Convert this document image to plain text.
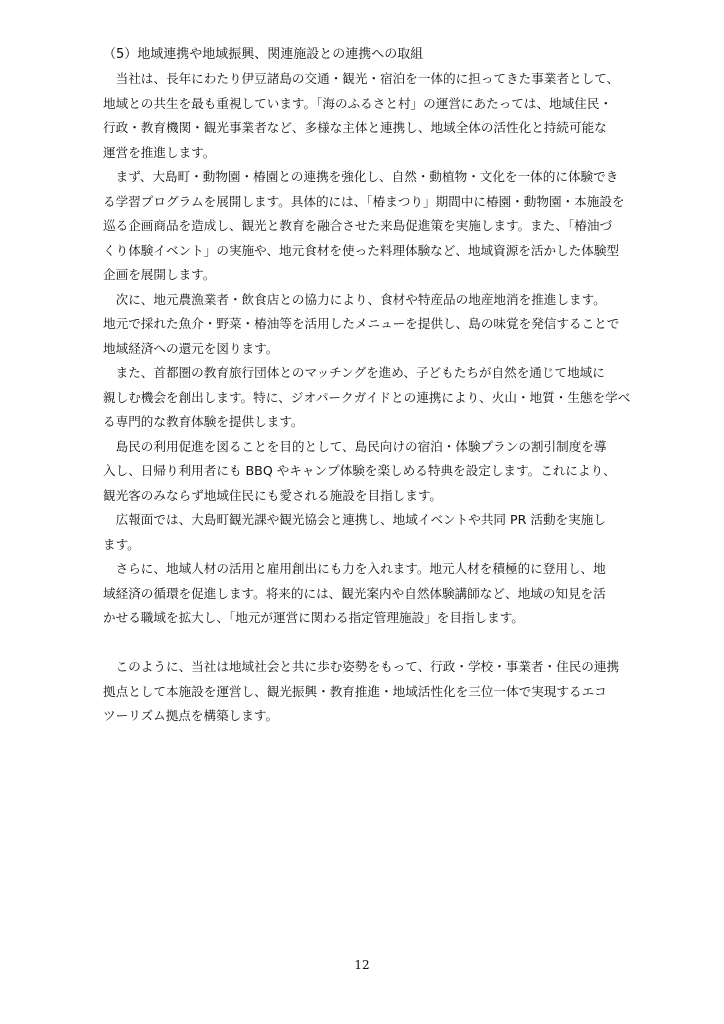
（5）地域連携や地域振興、関連施設との連携への取組
　当社は、長年にわたり伊豆諸島の交通・観光・宿泊を一体的に担ってきた事業者として、
地域との共生を最も重視しています。「海のふるさと村」の運営にあたっては、地域住民・
行政・教育機関・観光事業者など、多様な主体と連携し、地域全体の活性化と持続可能な
運営を推進します。
　まず、大島町・動物園・椿園との連携を強化し、自然・動植物・文化を一体的に体験でき
る学習プログラムを展開します。具体的には、「椿まつり」期間中に椿園・動物園・本施設を
巡る企画商品を造成し、観光と教育を融合させた来島促進策を実施します。また、「椿油づ
くり体験イベント」の実施や、地元食材を使った料理体験など、地域資源を活かした体験型
企画を展開します。
　次に、地元農漁業者・飲食店との協力により、食材や特産品の地産地消を推進します。
地元で採れた魚介・野菜・椿油等を活用したメニューを提供し、島の味覚を発信することで
地域経済への還元を図ります。
　また、首都圏の教育旅行団体とのマッチングを進め、子どもたちが自然を通じて地域に
親しむ機会を創出します。特に、ジオパークガイドとの連携により、火山・地質・生態を学べ
る専門的な教育体験を提供します。
　島民の利用促進を図ることを目的として、島民向けの宿泊・体験プランの割引制度を導
入し、日帰り利用者にも BBQ やキャンプ体験を楽しめる特典を設定します。これにより、
観光客のみならず地域住民にも愛される施設を目指します。
　広報面では、大島町観光課や観光協会と連携し、地域イベントや共同 PR 活動を実施し
ます。
　さらに、地域人材の活用と雇用創出にも力を入れます。地元人材を積極的に登用し、地
域経済の循環を促進します。将来的には、観光案内や自然体験講師など、地域の知見を活
かせる職域を拡大し、「地元が運営に関わる指定管理施設」を目指します。
　このように、当社は地域社会と共に歩む姿勢をもって、行政・学校・事業者・住民の連携
拠点として本施設を運営し、観光振興・教育推進・地域活性化を三位一体で実現するエコ
ツーリズム拠点を構築します。
12
